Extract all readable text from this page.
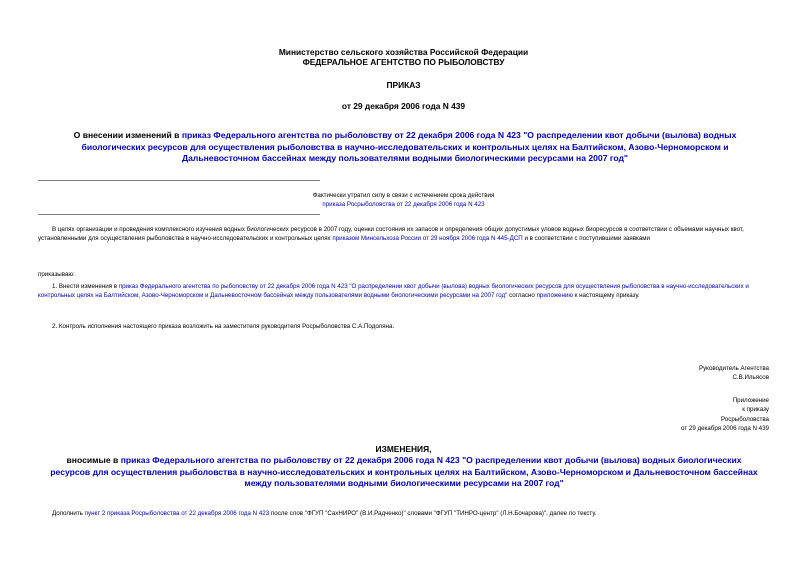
Министерство сельского хозяйства Российской Федерации
ФЕДЕРАЛЬНОЕ АГЕНТСТВО ПО РЫБОЛОВСТВУ
ПРИКАЗ
от 29 декабря 2006 года N 439
О внесении изменений в приказ Федерального агентства по рыболовству от 22 декабря 2006 года N 423 "О распределении квот добычи (вылова) водных биологических ресурсов для осуществления рыболовства в научно-исследовательских и контрольных целях на Балтийском, Азово-Черноморском и Дальневосточном бассейнах между пользователями водными биологическими ресурсами на 2007 год"
Фактически утратил силу в связи с истечением срока действия
приказа Росрыболовства от 22 декабря 2006 года N 423
В целях организации и проведения комплексного изучения водных биологических ресурсов в 2007 году, оценки состояния их запасов и определения общих допустимых уловов водных биоресурсов в соответствии с объемами научных квот, установленными для осуществления рыболовства в научно-исследовательских и контрольных целях приказом Минсельхоза России от 29 ноября 2006 года N 445-ДСП и в соответствии с поступившими заявками
приказываю:
1. Внести изменения в приказ Федерального агентства по рыболовству от 22 декабря 2006 года N 423 "О распределении квот добычи (вылова) водных биологических ресурсов для осуществления рыболовства в научно-исследовательских и контрольных целях на Балтийском, Азово-Черноморском и Дальневосточном бассейнах между пользователями водными биологическими ресурсами на 2007 год" согласно приложению к настоящему приказу.
2. Контроль исполнения настоящего приказа возложить на заместителя руководителя Росрыболовства С.А.Подоляна.
Руководитель Агентства
С.В.Ильясов
Приложение
к приказу
Росрыболовства
от 29 декабря 2006 года N 439
ИЗМЕНЕНИЯ,
вносимые в приказ Федерального агентства по рыболовству от 22 декабря 2006 года N 423 "О распределении квот добычи (вылова) водных биологических ресурсов для осуществления рыболовства в научно-исследовательских и контрольных целях на Балтийском, Азово-Черноморском и Дальневосточном бассейнах между пользователями водными биологическими ресурсами на 2007 год"
Дополнить пункт 2 приказа Росрыболовства от 22 декабря 2006 года N 423 после слов "ФГУП "СахНИРО" (В.И.Радченко)" словами "ФГУП "ТИНРО-центр" (Л.Н.Бочарова)", далее по тексту.
